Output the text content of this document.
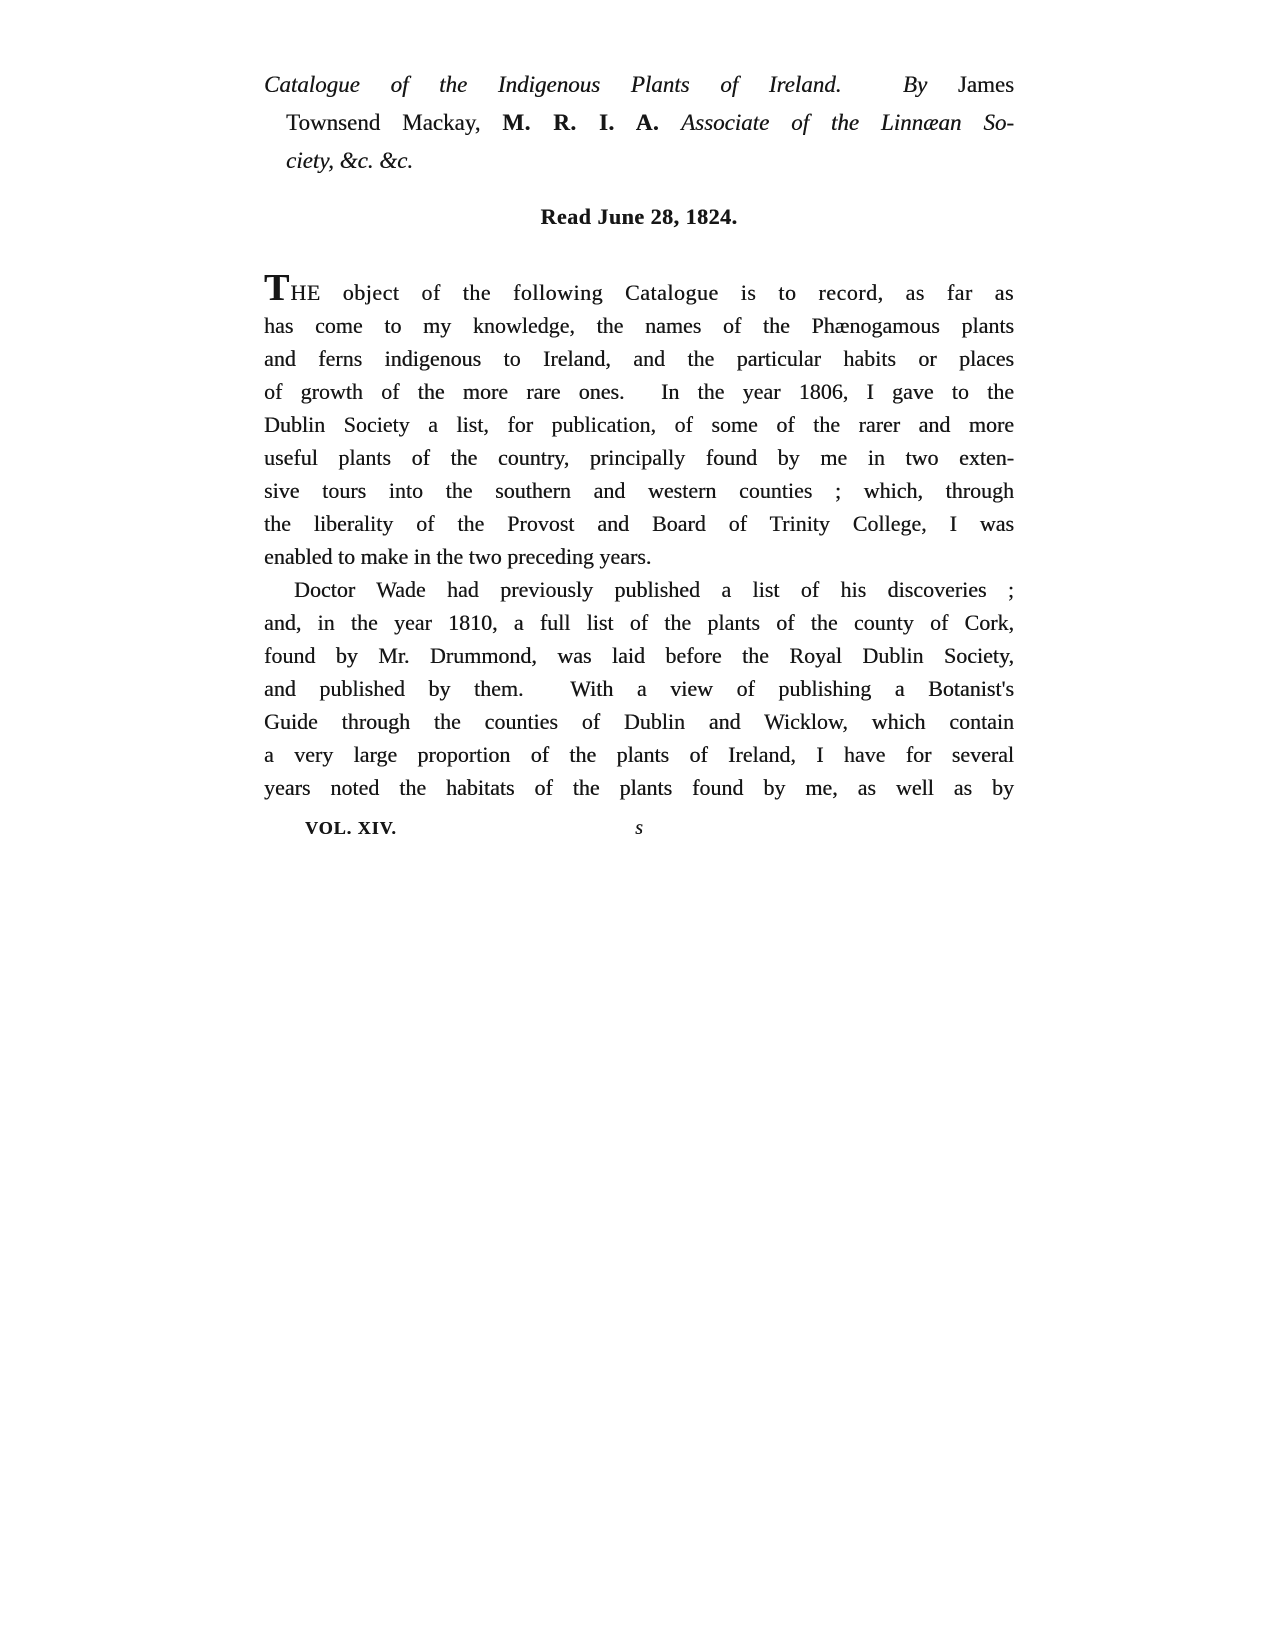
Catalogue of the Indigenous Plants of Ireland.	By James
Townsend Mackay, M. R. I. A. Associate of the Linnæan So-
ciety, &c. &c.
Read June 28, 1824.
THE object of the following Catalogue is to record, as far as
has come to my knowledge, the names of the Phænogamous plants
and ferns indigenous to Ireland, and the particular habits or places
of growth of the more rare ones.  In the year 1806, I gave to the
Dublin Society a list, for publication, of some of the rarer and more
useful plants of the country, principally found by me in two exten-
sive tours into the southern and western counties ; which, through
the liberality of the Provost and Board of Trinity College, I was
enabled to make in the two preceding years.
Doctor Wade had previously published a list of his discoveries ;
and, in the year 1810, a full list of the plants of the county of Cork,
found by Mr. Drummond, was laid before the Royal Dublin Society,
and published by them.  With a view of publishing a Botanist's
Guide through the counties of Dublin and Wicklow, which contain
a very large proportion of the plants of Ireland, I have for several
years noted the habitats of the plants found by me, as well as by
VOL. XIV.	s
